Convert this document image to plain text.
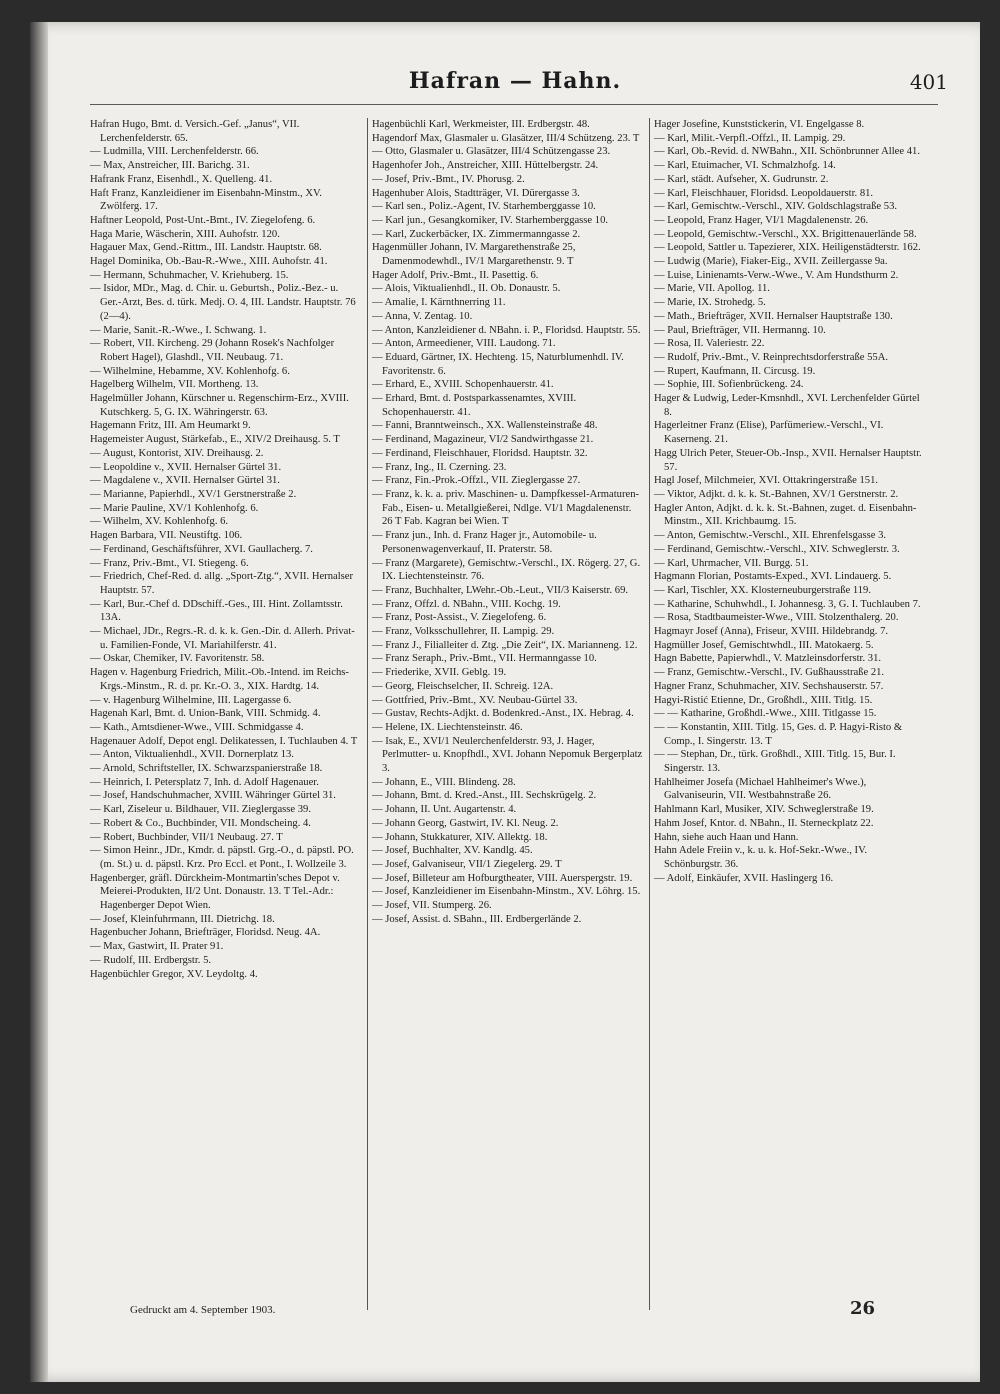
Hafran — Hahn.	401

Hafran Hugo, Bmt. d. Versich.-Gef. „Janus“, VII. Lerchenfelderstr. 65.

— Ludmilla, VIII. Lerchenfelderstr. 66.

— Max, Anstreicher, III. Barichg. 31.

Hafrank Franz, Eisenhdl., X. Quelleng. 41.

Haft Franz, Kanzleidiener im Eisenbahn-Minstm., XV. Zwölferg. 17.

Haftner Leopold, Post-Unt.-Bmt., IV. Ziegelofeng. 6.

Haga Marie, Wäscherin, XIII. Auhofstr. 120.

Hagauer Max, Gend.-Rittm., III. Landstr. Hauptstr. 68.

Hagel Dominika, Ob.-Bau-R.-Wwe., XIII. Auhofstr. 41.

— Hermann, Schuhmacher, V. Kriehuberg. 15.

— Isidor, MDr., Mag. d. Chir. u. Geburtsh., Poliz.-Bez.- u. Ger.-Arzt, Bes. d. türk. Medj. O. 4, III. Landstr. Hauptstr. 76 (2—4).

— Marie, Sanit.-R.-Wwe., I. Schwang. 1.

— Robert, VII. Kircheng. 29 (Johann Rosek's Nachfolger Robert Hagel), Glashdl., VII. Neubaug. 71.

— Wilhelmine, Hebamme, XV. Kohlenhofg. 6.

Hagelberg Wilhelm, VII. Mortheng. 13.

Hagelmüller Johann, Kürschner u. Regenschirm-Erz., XVIII. Kutschkerg. 5, G. IX. Währingerstr. 63.

Hagemann Fritz, III. Am Heumarkt 9.

Hagemeister August, Stärkefab., E., XIV/2 Dreihausg. 5. T

— August, Kontorist, XIV. Dreihausg. 2.

— Leopoldine v., XVII. Hernalser Gürtel 31.

— Magdalene v., XVII. Hernalser Gürtel 31.

— Marianne, Papierhdl., XV/1 Gerstnerstraße 2.

— Marie Pauline, XV/1 Kohlenhofg. 6.

— Wilhelm, XV. Kohlenhofg. 6.

Hagen Barbara, VII. Neustiftg. 106.

— Ferdinand, Geschäftsführer, XVI. Gaullacherg. 7.

— Franz, Priv.-Bmt., VI. Stiegeng. 6.

— Friedrich, Chef-Red. d. allg. „Sport-Ztg.“, XVII. Hernalser Hauptstr. 57.

— Karl, Bur.-Chef d. DDschiff.-Ges., III. Hint. Zollamtsstr. 13A.

— Michael, JDr., Regrs.-R. d. k. k. Gen.-Dir. d. Allerh. Privat- u. Familien-Fonde, VI. Mariahilferstr. 41.

— Oskar, Chemiker, IV. Favoritenstr. 58.

Hagen v. Hagenburg Friedrich, Milit.-Ob.-Intend. im Reichs-Krgs.-Minstm., R. d. pr. Kr.-O. 3., XIX. Hardtg. 14.

— v. Hagenburg Wilhelmine, III. Lagergasse 6.

Hagenah Karl, Bmt. d. Union-Bank, VIII. Schmidg. 4.

— Kath., Amtsdiener-Wwe., VIII. Schmidgasse 4.

Hagenauer Adolf, Depot engl. Delikatessen, I. Tuchlauben 4. T

— Anton, Viktualienhdl., XVII. Dornerplatz 13.

— Arnold, Schriftsteller, IX. Schwarzspanierstraße 18.

— Heinrich, I. Petersplatz 7, Inh. d. Adolf Hagenauer.

— Josef, Handschuhmacher, XVIII. Währinger Gürtel 31.

— Karl, Ziseleur u. Bildhauer, VII. Zieglergasse 39.

— Robert & Co., Buchbinder, VII. Mondscheing. 4.

— Robert, Buchbinder, VII/1 Neubaug. 27. T

— Simon Heinr., JDr., Kmdr. d. päpstl. Grg.-O., d. päpstl. PO. (m. St.) u. d. päpstl. Krz. Pro Eccl. et Pont., I. Wollzeile 3.

Hagenberger, gräfl. Dürckheim-Montmartin'sches Depot v. Meierei-Produkten, II/2 Unt. Donaustr. 13. T Tel.-Adr.: Hagenberger Depot Wien.

— Josef, Kleinfuhrmann, III. Dietrichg. 18.

Hagenbucher Johann, Briefträger, Floridsd. Neug. 4A.

— Max, Gastwirt, II. Prater 91.

— Rudolf, III. Erdbergstr. 5.

Hagenbüchler Gregor, XV. Leydoltg. 4.

Hagenbüchli Karl, Werkmeister, III. Erdbergstr. 48.

Hagendorf Max, Glasmaler u. Glasätzer, III/4 Schützeng. 23. T

— Otto, Glasmaler u. Glasätzer, III/4 Schützengasse 23.

Hagenhofer Joh., Anstreicher, XIII. Hüttelbergstr. 24.

— Josef, Priv.-Bmt., IV. Phorusg. 2.

Hagenhuber Alois, Stadtträger, VI. Dürergasse 3.

— Karl sen., Poliz.-Agent, IV. Starhemberggasse 10.

— Karl jun., Gesangkomiker, IV. Starhemberggasse 10.

— Karl, Zuckerbäcker, IX. Zimmermanngasse 2.

Hagenmüller Johann, IV. Margarethenstraße 25, Damenmodewhdl., IV/1 Margarethenstr. 9. T

Hager Adolf, Priv.-Bmt., II. Pasettig. 6.

— Alois, Viktualienhdl., II. Ob. Donaustr. 5.

— Amalie, I. Kärnthnerring 11.

— Anna, V. Zentag. 10.

— Anton, Kanzleidiener d. NBahn. i. P., Floridsd. Hauptstr. 55.

— Anton, Armeediener, VIII. Laudong. 71.

— Eduard, Gärtner, IX. Hechteng. 15, Naturblumenhdl. IV. Favoritenstr. 6.

— Erhard, E., XVIII. Schopenhauerstr. 41.

— Erhard, Bmt. d. Postsparkassenamtes, XVIII. Schopenhauerstr. 41.

— Fanni, Branntweinsch., XX. Wallensteinstraße 48.

— Ferdinand, Magazineur, VI/2 Sandwirthgasse 21.

— Ferdinand, Fleischhauer, Floridsd. Hauptstr. 32.

— Franz, Ing., II. Czerning. 23.

— Franz, Fin.-Prok.-Offzl., VII. Zieglergasse 27.

— Franz, k. k. a. priv. Maschinen- u. Dampfkessel-Armaturen-Fab., Eisen- u. Metallgießerei, Ndlge. VI/1 Magdalenenstr. 26 T Fab. Kagran bei Wien. T

— Franz jun., Inh. d. Franz Hager jr., Automobile- u. Personenwagenverkauf, II. Praterstr. 58.

— Franz (Margarete), Gemischtw.-Verschl., IX. Rögerg. 27, G. IX. Liechtensteinstr. 76.

— Franz, Buchhalter, LWehr.-Ob.-Leut., VII/3 Kaiserstr. 69.

— Franz, Offzl. d. NBahn., VIII. Kochg. 19.

— Franz, Post-Assist., V. Ziegelofeng. 6.

— Franz, Volksschullehrer, II. Lampig. 29.

— Franz J., Filialleiter d. Ztg. „Die Zeit“, IX. Marianneng. 12.

— Franz Seraph., Priv.-Bmt., VII. Hermanngasse 10.

— Friederike, XVII. Geblg. 19.

— Georg, Fleischselcher, II. Schreig. 12A.

— Gottfried, Priv.-Bmt., XV. Neubau-Gürtel 33.

— Gustav, Rechts-Adjkt. d. Bodenkred.-Anst., IX. Hebrag. 4.

— Helene, IX. Liechtensteinstr. 46.

— Isak, E., XVI/1 Neulerchenfelderstr. 93, J. Hager, Perlmutter- u. Knopfhdl., XVI. Johann Nepomuk Bergerplatz 3.

— Johann, E., VIII. Blindeng. 28.

— Johann, Bmt. d. Kred.-Anst., III. Sechskrügelg. 2.

— Johann, II. Unt. Augartenstr. 4.

— Johann Georg, Gastwirt, IV. Kl. Neug. 2.

— Johann, Stukkaturer, XIV. Allektg. 18.

— Josef, Buchhalter, XV. Kandlg. 45.

— Josef, Galvaniseur, VII/1 Ziegelerg. 29. T

— Josef, Billeteur am Hofburgtheater, VIII. Auerspergstr. 19.

— Josef, Kanzleidiener im Eisenbahn-Minstm., XV. Löhrg. 15.

— Josef, VII. Stumperg. 26.

— Josef, Assist. d. SBahn., III. Erdbergerlände 2.

Hager Josefine, Kunststickerin, VI. Engelgasse 8.

— Karl, Milit.-Verpfl.-Offzl., II. Lampig. 29.

— Karl, Ob.-Revid. d. NWBahn., XII. Schönbrunner Allee 41.

— Karl, Etuimacher, VI. Schmalzhofg. 14.

— Karl, städt. Aufseher, X. Gudrunstr. 2.

— Karl, Fleischhauer, Floridsd. Leopoldauerstr. 81.

— Karl, Gemischtw.-Verschl., XIV. Goldschlagstraße 53.

— Leopold, Franz Hager, VI/1 Magdalenenstr. 26.

— Leopold, Gemischtw.-Verschl., XX. Brigittenauerlände 58.

— Leopold, Sattler u. Tapezierer, XIX. Heiligenstädterstr. 162.

— Ludwig (Marie), Fiaker-Eig., XVII. Zeillergasse 9a.

— Luise, Linienamts-Verw.-Wwe., V. Am Hundsthurm 2.

— Marie, VII. Apollog. 11.

— Marie, IX. Strohedg. 5.

— Math., Briefträger, XVII. Hernalser Hauptstraße 130.

— Paul, Briefträger, VII. Hermanng. 10.

— Rosa, II. Valeriestr. 22.

— Rudolf, Priv.-Bmt., V. Reinprechtsdorferstraße 55A.

— Rupert, Kaufmann, II. Circusg. 19.

— Sophie, III. Sofienbrückeng. 24.

Hager & Ludwig, Leder-Kmsnhdl., XVI. Lerchenfelder Gürtel 8.

Hagerleitner Franz (Elise), Parfümeriew.-Verschl., VI. Kaserneng. 21.

Hagg Ulrich Peter, Steuer-Ob.-Insp., XVII. Hernalser Hauptstr. 57.

Hagl Josef, Milchmeier, XVI. Ottakringerstraße 151.

— Viktor, Adjkt. d. k. k. St.-Bahnen, XV/1 Gerstnerstr. 2.

Hagler Anton, Adjkt. d. k. k. St.-Bahnen, zuget. d. Eisenbahn-Minstm., XII. Krichbaumg. 15.

— Anton, Gemischtw.-Verschl., XII. Ehrenfelsgasse 3.

— Ferdinand, Gemischtw.-Verschl., XIV. Schweglerstr. 3.

— Karl, Uhrmacher, VII. Burgg. 51.

Hagmann Florian, Postamts-Exped., XVI. Lindauerg. 5.

— Karl, Tischler, XX. Klosterneuburgerstraße 119.

— Katharine, Schuhwhdl., I. Johannesg. 3, G. I. Tuchlauben 7.

— Rosa, Stadtbaumeister-Wwe., VIII. Stolzenthalerg. 20.

Hagmayr Josef (Anna), Friseur, XVIII. Hildebrandg. 7.

Hagmüller Josef, Gemischtwhdl., III. Matokaerg. 5.

Hagn Babette, Papierwhdl., V. Matzleinsdorferstr. 31.

— Franz, Gemischtw.-Verschl., IV. Gußhausstraße 21.

Hagner Franz, Schuhmacher, XIV. Sechshauserstr. 57.

Hagyi-Ristić Etienne, Dr., Großhdl., XIII. Titlg. 15.

— — Katharine, Großhdl.-Wwe., XIII. Titlgasse 15.

— — Konstantin, XIII. Titlg. 15, Ges. d. P. Hagyi-Risto & Comp., I. Singerstr. 13. T

— — Stephan, Dr., türk. Großhdl., XIII. Titlg. 15, Bur. I. Singerstr. 13.

Hahlheimer Josefa (Michael Hahlheimer's Wwe.), Galvaniseurin, VII. Westbahnstraße 26.

Hahlmann Karl, Musiker, XIV. Schweglerstraße 19.

Hahm Josef, Kntor. d. NBahn., II. Sterneckplatz 22.

Hahn, siehe auch Haan und Hann.

Hahn Adele Freiin v., k. u. k. Hof-Sekr.-Wwe., IV. Schönburgstr. 36.

— Adolf, Einkäufer, XVII. Haslingerg 16.

Gedruckt am 4. September 1903.	26
